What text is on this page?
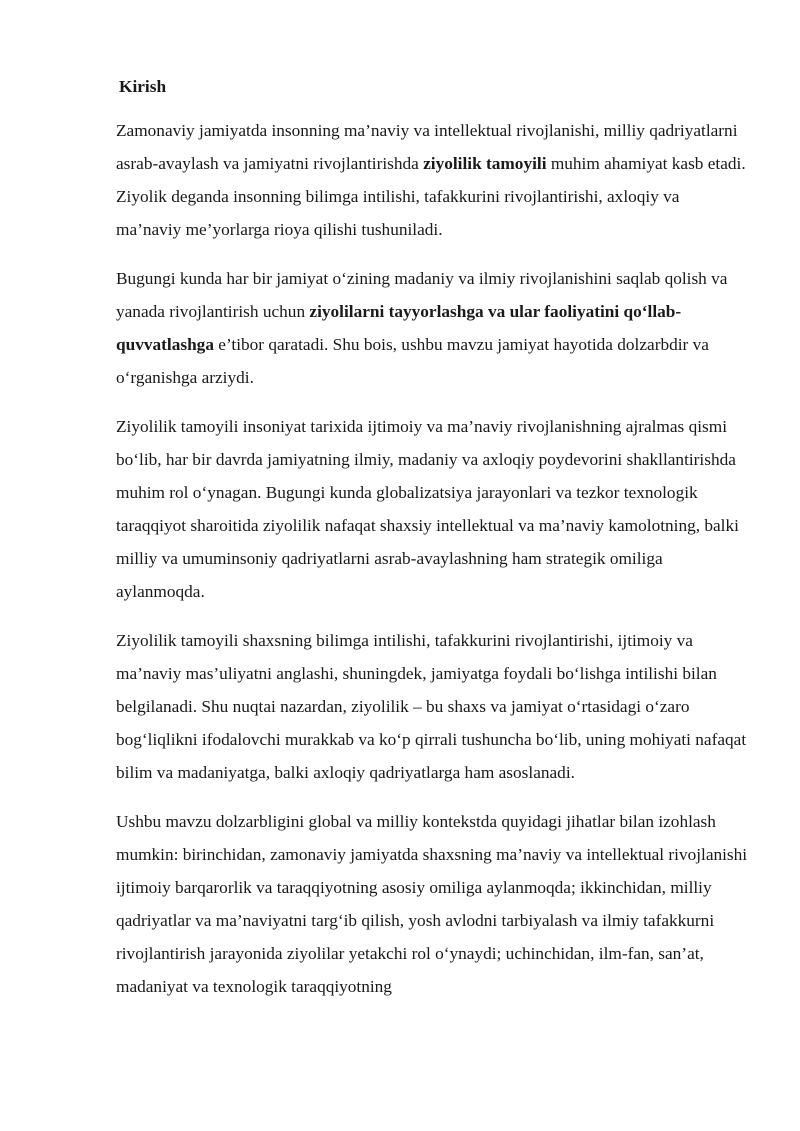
Kirish

Zamonaviy jamiyatda insonning ma’naviy va intellektual rivojlanishi, milliy qadriyatlarni asrab-avaylash va jamiyatni rivojlantirishda ziyolilik tamoyili muhim ahamiyat kasb etadi. Ziyolik deganda insonning bilimga intilishi, tafakkurini rivojlantirishi, axloqiy va ma’naviy me’yorlarga rioya qilishi tushuniladi.

Bugungi kunda har bir jamiyat o‘zining madaniy va ilmiy rivojlanishini saqlab qolish va yanada rivojlantirish uchun ziyolilarni tayyorlashga va ular faoliyatini qo‘llab-quvvatlashga e’tibor qaratadi. Shu bois, ushbu mavzu jamiyat hayotida dolzarbdir va o‘rganishga arziydi.

Ziyolilik tamoyili insoniyat tarixida ijtimoiy va ma’naviy rivojlanishning ajralmas qismi bo‘lib, har bir davrda jamiyatning ilmiy, madaniy va axloqiy poydevorini shakllantirishda muhim rol o‘ynagan. Bugungi kunda globalizatsiya jarayonlari va tezkor texnologik taraqqiyot sharoitida ziyolilik nafaqat shaxsiy intellektual va ma’naviy kamolotning, balki milliy va umuminsoniy qadriyatlarni asrab-avaylashning ham strategik omiliga aylanmoqda.

Ziyolilik tamoyili shaxsning bilimga intilishi, tafakkurini rivojlantirishi, ijtimoiy va ma’naviy mas’uliyatni anglashi, shuningdek, jamiyatga foydali bo‘lishga intilishi bilan belgilanadi. Shu nuqtai nazardan, ziyolilik – bu shaxs va jamiyat o‘rtasidagi o‘zaro bog‘liqlikni ifodalovchi murakkab va ko‘p qirrali tushuncha bo‘lib, uning mohiyati nafaqat bilim va madaniyatga, balki axloqiy qadriyatlarga ham asoslanadi.

Ushbu mavzu dolzarbligini global va milliy kontekstda quyidagi jihatlar bilan izohlash mumkin: birinchidan, zamonaviy jamiyatda shaxsning ma’naviy va intellektual rivojlanishi ijtimoiy barqarorlik va taraqqiyotning asosiy omiliga aylanmoqda; ikkinchidan, milliy qadriyatlar va ma’naviyatni targ‘ib qilish, yosh avlodni tarbiyalash va ilmiy tafakkurni rivojlantirish jarayonida ziyolilar yetakchi rol o‘ynaydi; uchinchidan, ilm-fan, san’at, madaniyat va texnologik taraqqiyotning
